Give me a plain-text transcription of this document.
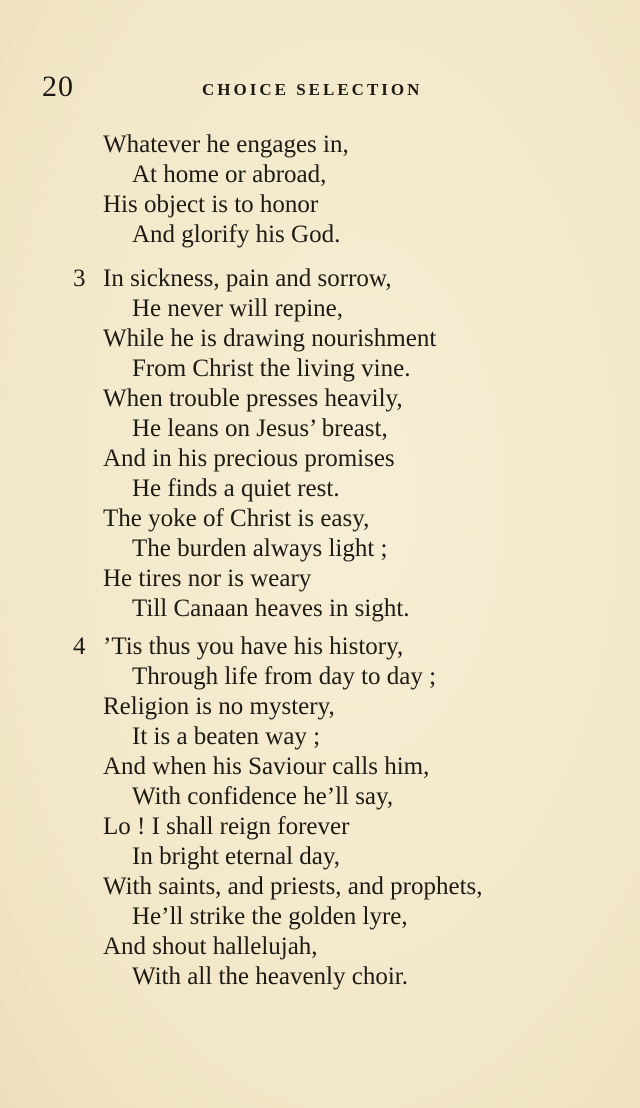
20	CHOICE SELECTION
Whatever he engages in,
At home or abroad,
His object is to honor
And glorify his God.
3 In sickness, pain and sorrow,
He never will repine,
While he is drawing nourishment
From Christ the living vine.
When trouble presses heavily,
He leans on Jesus’ breast,
And in his precious promises
He finds a quiet rest.
The yoke of Christ is easy,
The burden always light ;
He tires nor is weary
Till Canaan heaves in sight.
4 ’Tis thus you have his history,
Through life from day to day ;
Religion is no mystery,
It is a beaten way ;
And when his Saviour calls him,
With confidence he’ll say,
Lo ! I shall reign forever
In bright eternal day,
With saints, and priests, and prophets,
He’ll strike the golden lyre,
And shout hallelujah,
With all the heavenly choir.
